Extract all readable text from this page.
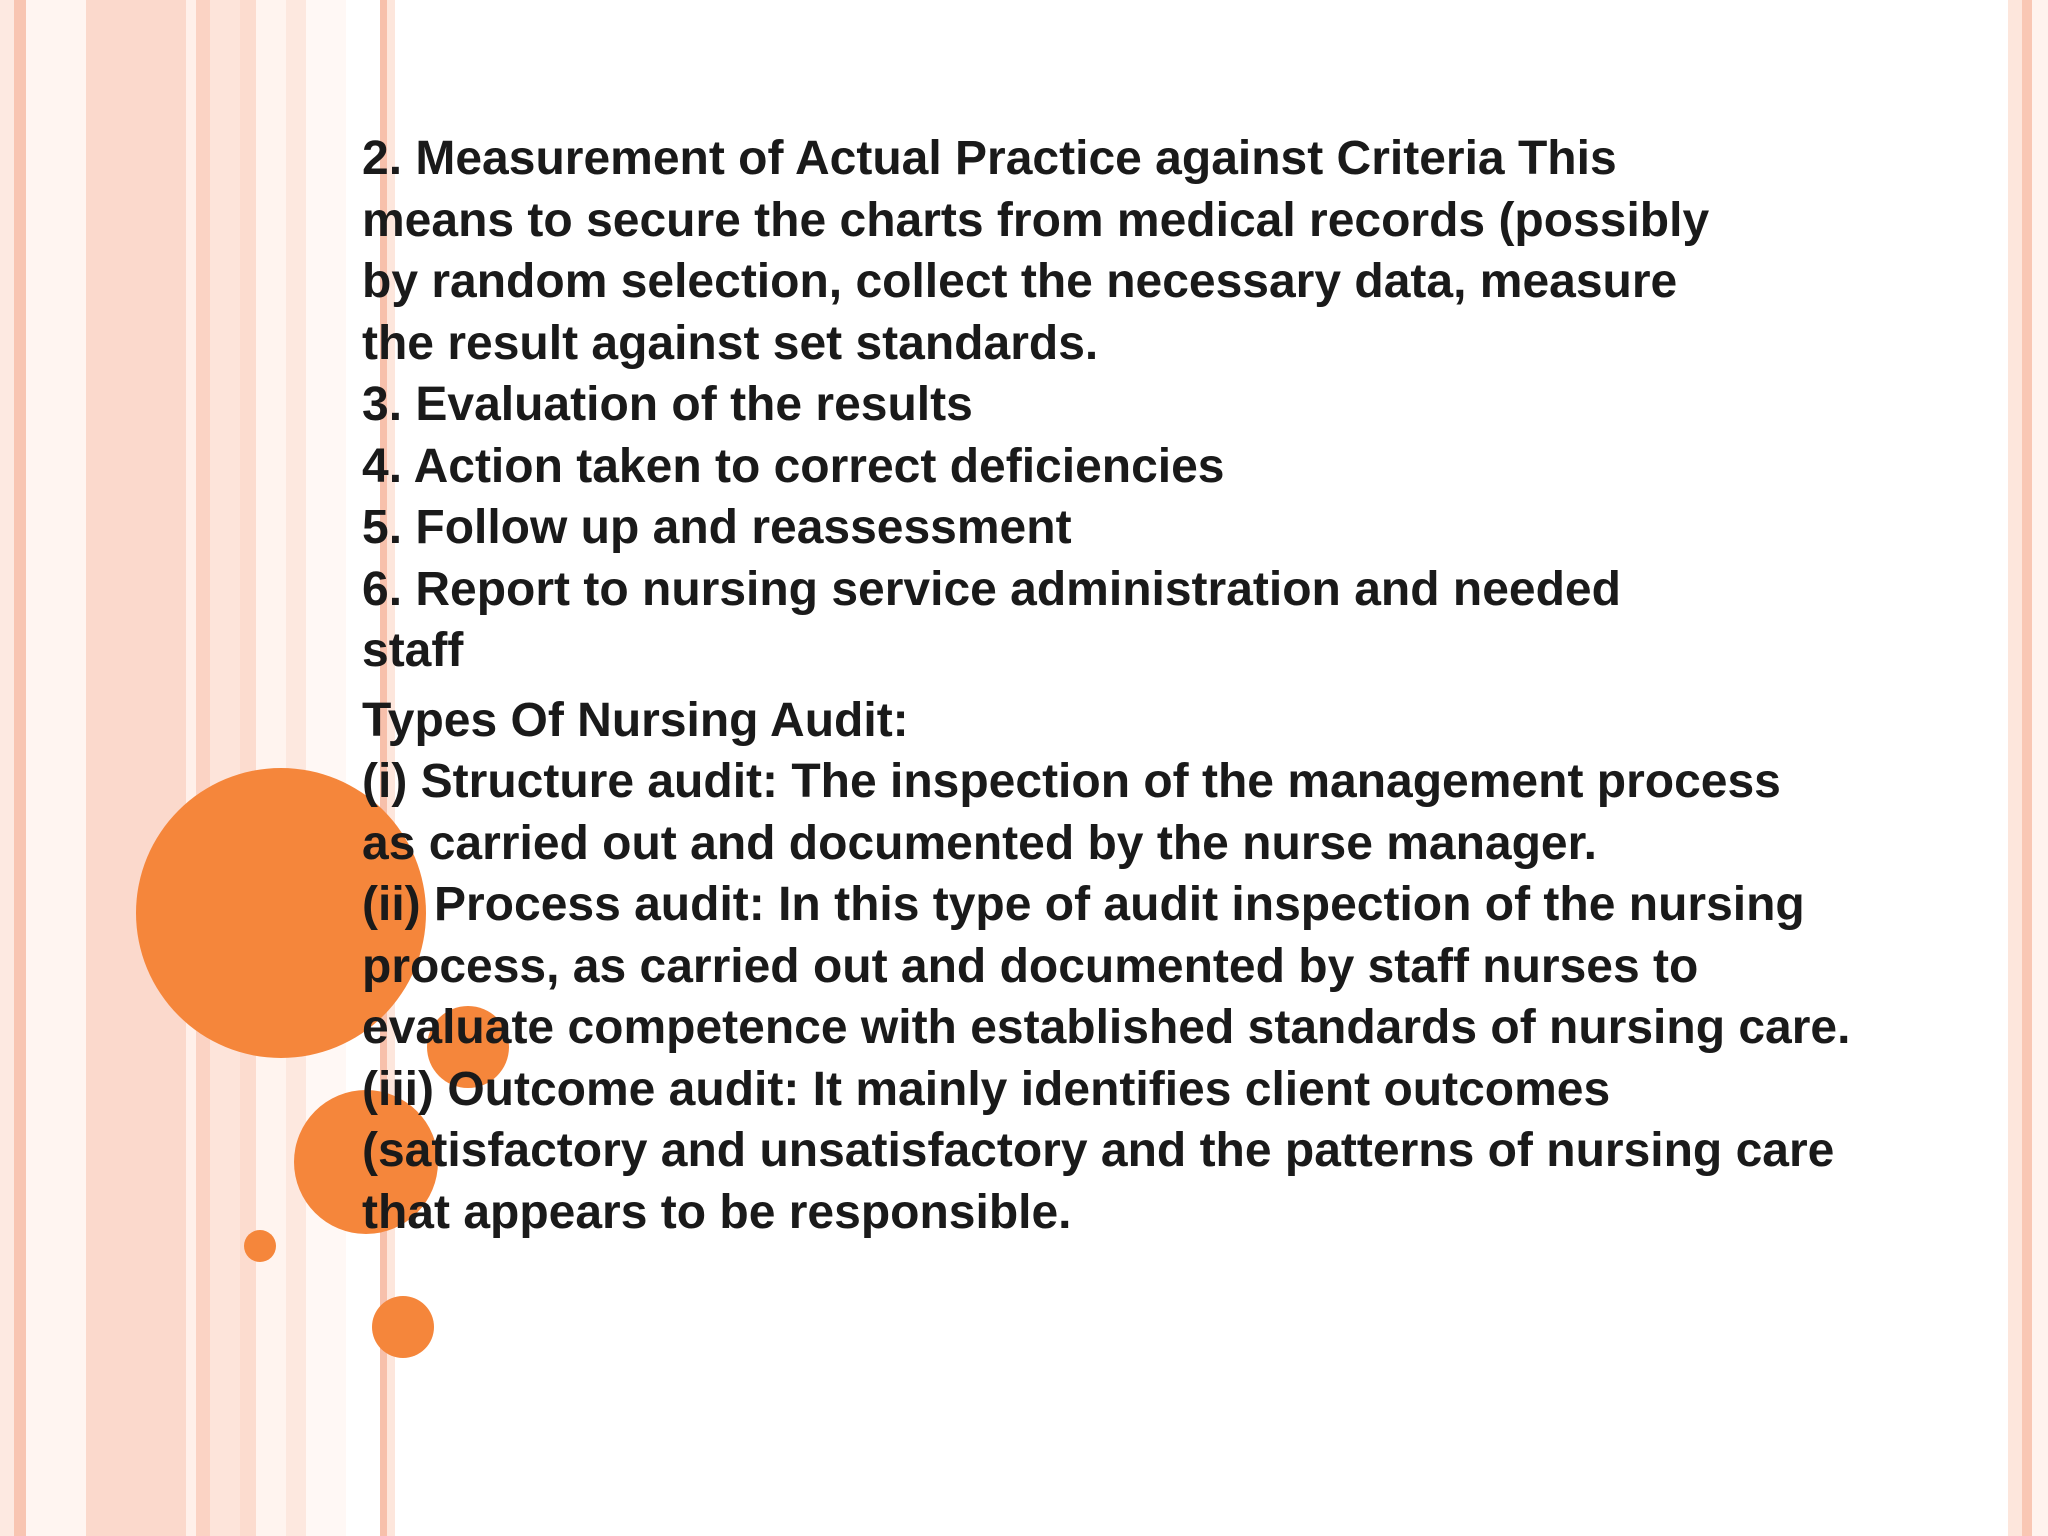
2. Measurement of Actual Practice against Criteria This
means to secure the charts from medical records (possibly
by random selection, collect the necessary data, measure
the result against set standards.
3. Evaluation of the results
4. Action taken to correct deficiencies
5. Follow up and reassessment
6. Report to nursing service administration and needed
staff
Types Of Nursing Audit:
(i) Structure audit: The inspection of the management process
as carried out and documented by the nurse manager.
(ii) Process audit: In this type of audit inspection of the nursing
process, as carried out and documented by staff nurses to
evaluate competence with established standards of nursing care.
(iii) Outcome audit: It mainly identifies client outcomes
(satisfactory and unsatisfactory and the patterns of nursing care
that appears to be responsible.
